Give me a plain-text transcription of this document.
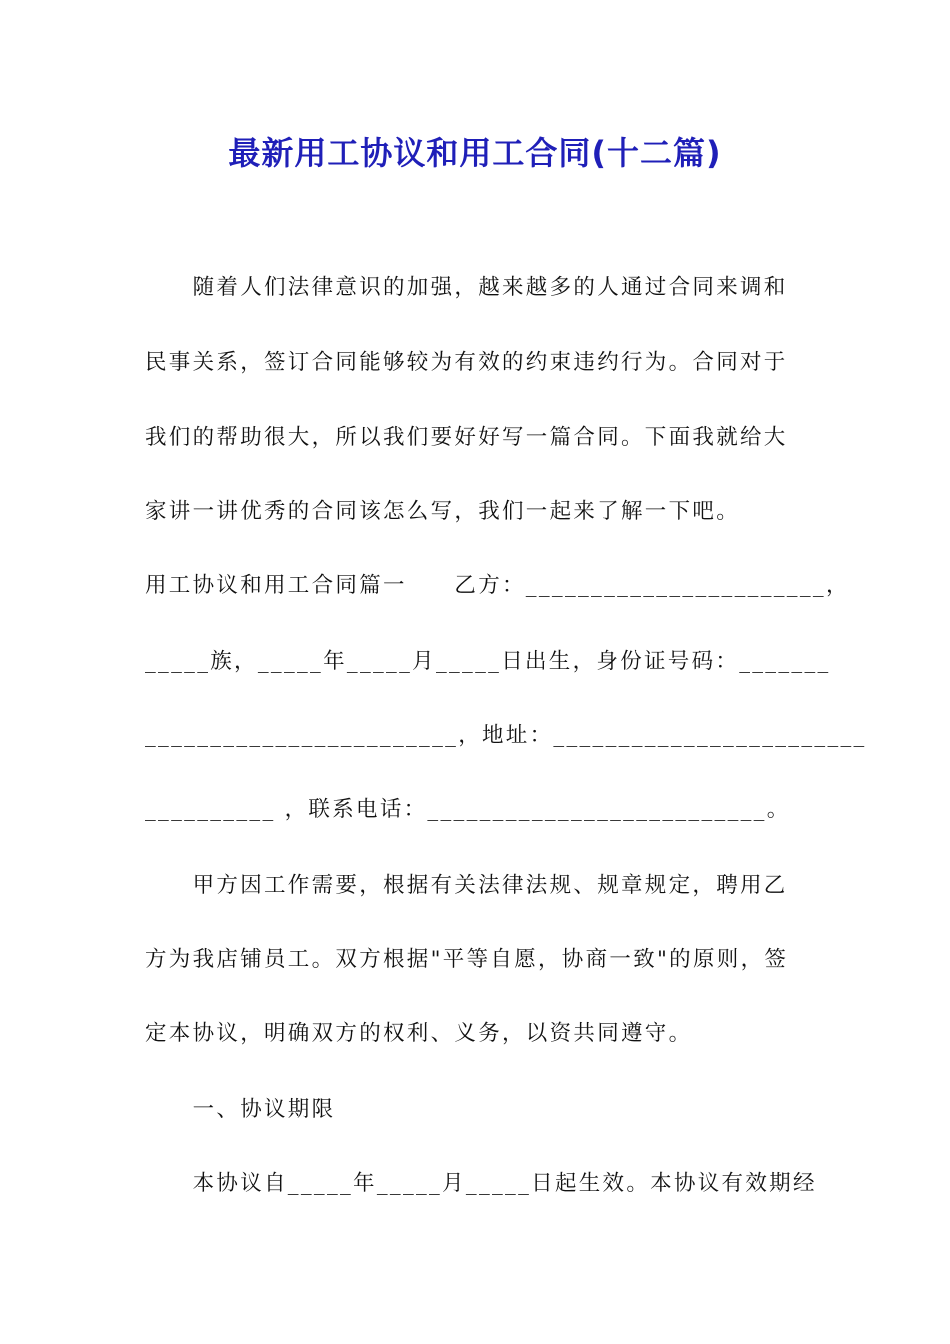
最新用工协议和用工合同(十二篇)
　　随着人们法律意识的加强，越来越多的人通过合同来调和
民事关系，签订合同能够较为有效的约束违约行为。合同对于
我们的帮助很大，所以我们要好好写一篇合同。下面我就给大
家讲一讲优秀的合同该怎么写，我们一起来了解一下吧。
用工协议和用工合同篇一　　乙方：_______________________，
_____族，_____年_____月_____日出生，身份证号码：_______
________________________，地址：________________________
__________ ，联系电话：__________________________。
　　甲方因工作需要，根据有关法律法规、规章规定，聘用乙
方为我店铺员工。双方根据"平等自愿，协商一致"的原则，签
定本协议，明确双方的权利、义务，以资共同遵守。
　　一、协议期限
　　本协议自_____年_____月_____日起生效。本协议有效期经
